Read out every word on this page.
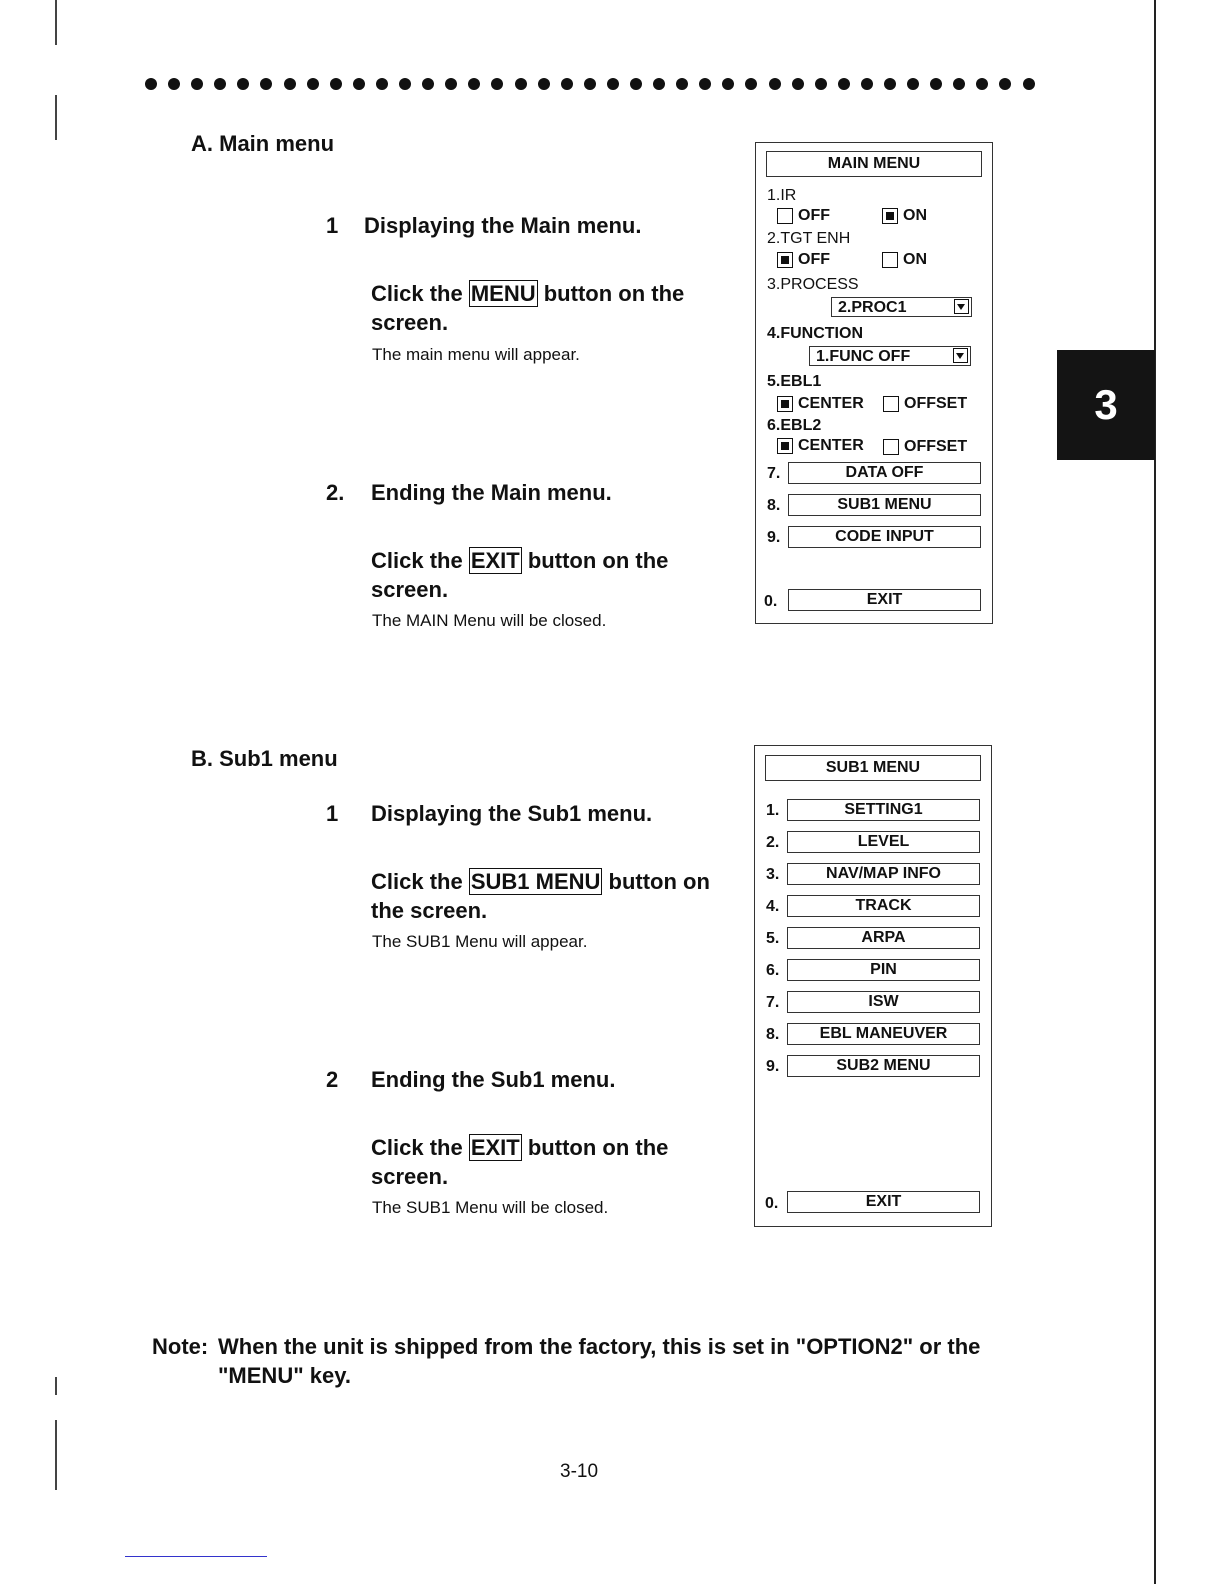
3
A. Main menu
1 Displaying the Main menu.
Click the MENU button on the screen.
The main menu will appear.
2. Ending the Main menu.
Click the EXIT button on the screen.
The MAIN Menu will be closed.
MAIN MENU
1.IR
OFF	ON
2.TGT ENH
OFF	ON
3.PROCESS
2.PROC1
4.FUNCTION
1.FUNC OFF
5.EBL1
CENTER	OFFSET
6.EBL2
CENTER	OFFSET
7.	DATA OFF
8.	SUB1 MENU
9.	CODE INPUT
0.	EXIT
B. Sub1 menu
1 Displaying the Sub1 menu.
Click the SUB1 MENU button on the screen.
The SUB1 Menu will appear.
2 Ending the Sub1 menu.
Click the EXIT button on the screen.
The SUB1 Menu will be closed.
SUB1 MENU
0.	EXIT
1.	SETTING1
2.	LEVEL
3.	NAV/MAP INFO
4.	TRACK
5.	ARPA
6.	PIN
7.	ISW
8.	EBL MANEUVER
9.	SUB2 MENU
Note: When the unit is shipped from the factory, this is set in "OPTION2" or the "MENU" key.
3-10
